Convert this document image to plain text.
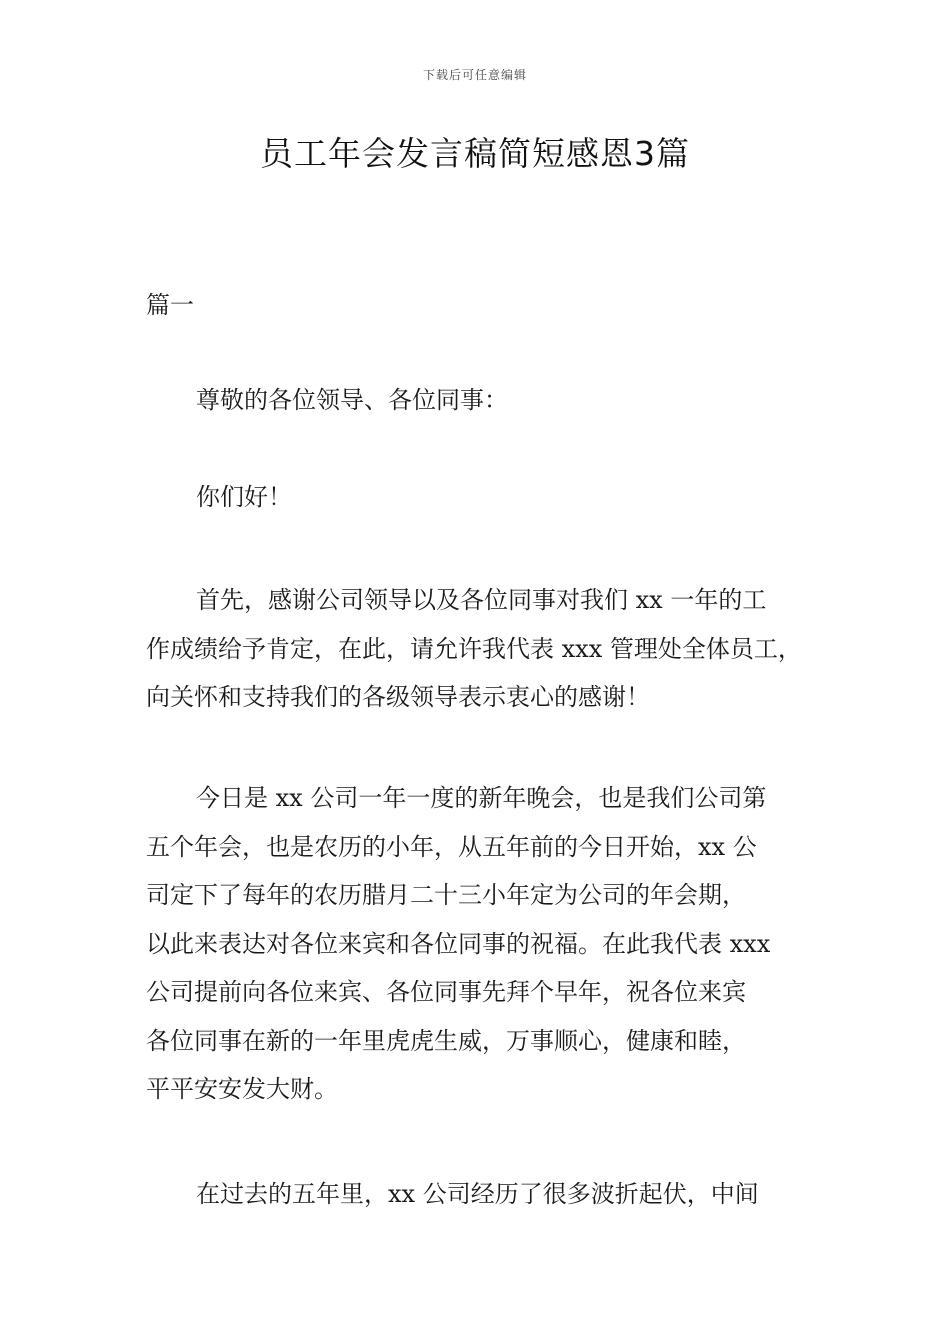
下载后可任意编辑
员工年会发言稿简短感恩3篇

篇一

尊敬的各位领导、各位同事：

你们好！

首先，感谢公司领导以及各位同事对我们 xx 一年的工
作成绩给予肯定，在此，请允许我代表 xxx 管理处全体员工，
向关怀和支持我们的各级领导表示衷心的感谢！

今日是 xx 公司一年一度的新年晚会，也是我们公司第
五个年会，也是农历的小年，从五年前的今日开始，xx 公
司定下了每年的农历腊月二十三小年定为公司的年会期，
以此来表达对各位来宾和各位同事的祝福。在此我代表 xxx
公司提前向各位来宾、各位同事先拜个早年，祝各位来宾
各位同事在新的一年里虎虎生威，万事顺心，健康和睦，
平平安安发大财。

在过去的五年里，xx 公司经历了很多波折起伏，中间
